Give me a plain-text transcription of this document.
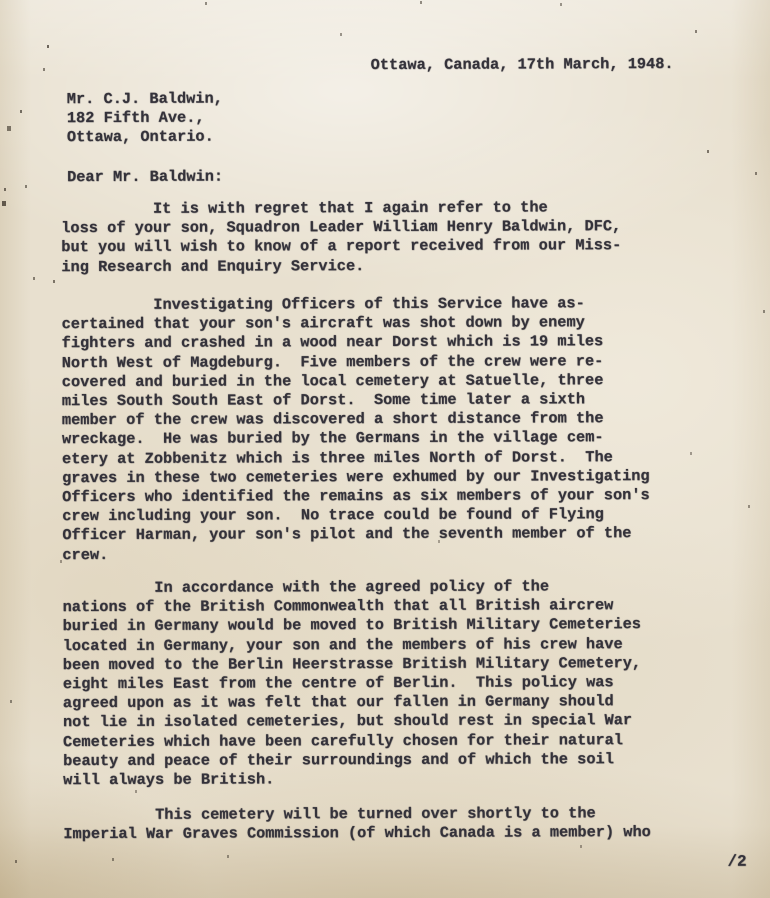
Ottawa, Canada, 17th March, 1948.
Mr. C.J. Baldwin,
182 Fifth Ave.,
Ottawa, Ontario.
Dear Mr. Baldwin:
It is with regret that I again refer to the
loss of your son, Squadron Leader William Henry Baldwin, DFC,
but you will wish to know of a report received from our Miss-
ing Research and Enquiry Service.
Investigating Officers of this Service have as-
certained that your son's aircraft was shot down by enemy
fighters and crashed in a wood near Dorst which is 19 miles
North West of Magdeburg.  Five members of the crew were re-
covered and buried in the local cemetery at Satuelle, three
miles South South East of Dorst.  Some time later a sixth
member of the crew was discovered a short distance from the
wreckage.  He was buried by the Germans in the village cem-
etery at Zobbenitz which is three miles North of Dorst.  The
graves in these two cemeteries were exhumed by our Investigating
Officers who identified the remains as six members of your son's
crew including your son.  No trace could be found of Flying
Officer Harman, your son's pilot and the seventh member of the
crew.
In accordance with the agreed policy of the
nations of the British Commonwealth that all British aircrew
buried in Germany would be moved to British Military Cemeteries
located in Germany, your son and the members of his crew have
been moved to the Berlin Heerstrasse British Military Cemetery,
eight miles East from the centre of Berlin.  This policy was
agreed upon as it was felt that our fallen in Germany should
not lie in isolated cemeteries, but should rest in special War
Cemeteries which have been carefully chosen for their natural
beauty and peace of their surroundings and of which the soil
will always be British.
This cemetery will be turned over shortly to the
Imperial War Graves Commission (of which Canada is a member) who
/2
